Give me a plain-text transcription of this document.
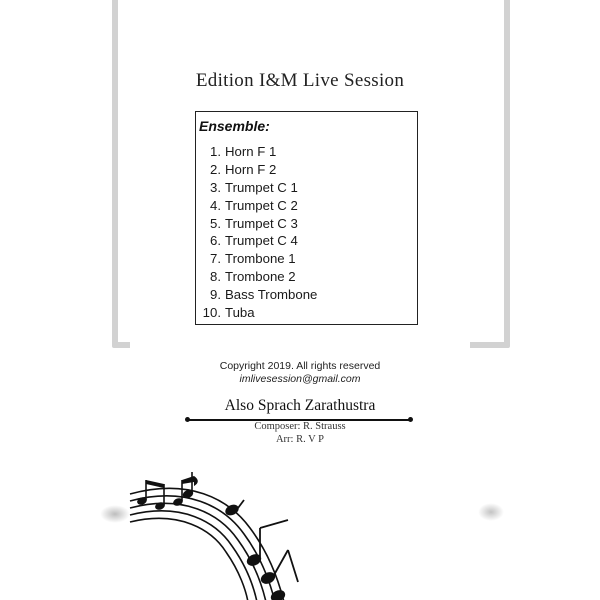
Edition I&M Live Session
Ensemble:
1. Horn F 1
2. Horn F 2
3. Trumpet C 1
4. Trumpet C 2
5. Trumpet C 3
6. Trumpet C 4
7. Trombone 1
8. Trombone 2
9. Bass Trombone
10. Tuba
Copyright 2019. All rights reserved
imlivesession@gmail.com
Also Sprach Zarathustra
Composer: R. Strauss
Arr: R. V P
